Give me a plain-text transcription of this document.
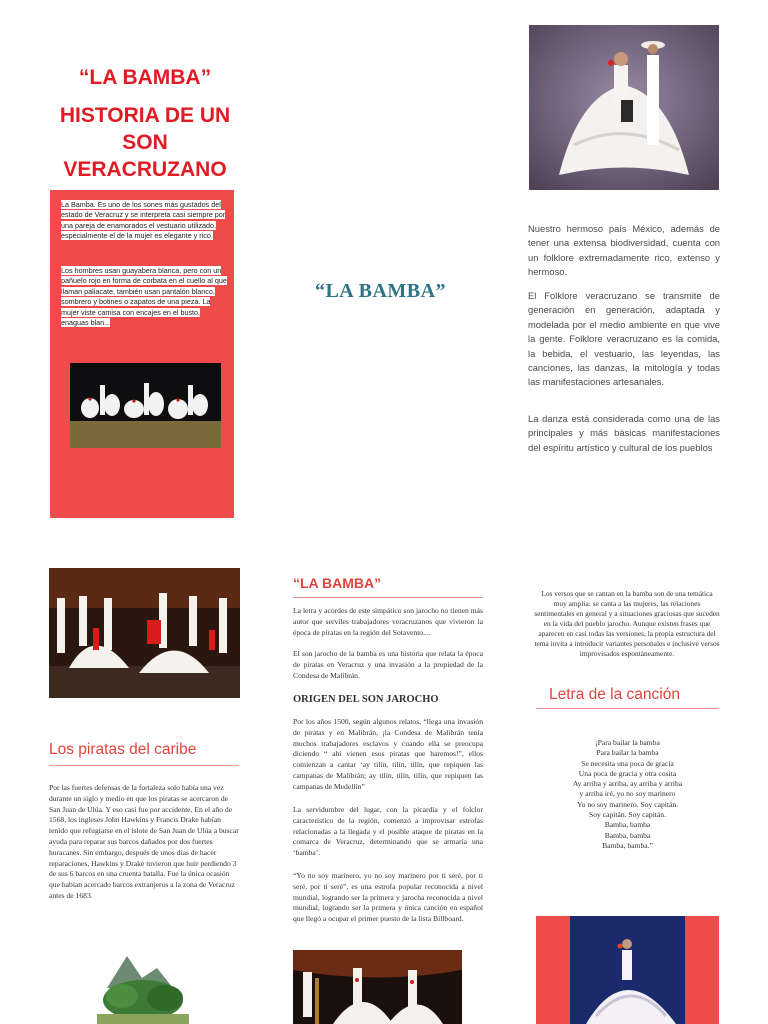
“LA BAMBA”
HISTORIA DE UN
SON
VERACRUZANO
La Bamba. Es uno de los sones más gustados del estado de Veracruz y se interpreta casi siempre por una pareja de enamorados el vestuario utilizado, especialmente el de la mujer es elegante y rico.
Los hombres usan guayabera blanca, pero con un pañuelo rojo en forma de corbata en el cuello al que llaman paliacate, también usan pantalón blanco, sombrero y botines o zapatos de una pieza. La mujer viste camisa con encajes en el busto, enaguas blan...
“LA BAMBA”
Nuestro hermoso país México, además de tener una extensa biodiversidad, cuenta con un folklore extremadamente rico, extenso y hermoso.
El Folklore veracruzano se transmite de generación en generación, adaptada y modelada por el medio ambiente en que vive la gente. Folklore veracruzano es la comida, la bebida, el vestuario, las leyendas, las canciones, las danzas, la mitología y todas las manifestaciones artesanales.
La danza está considerada como una de las principales y más básicas manifestaciones del espíritu artístico y cultural de los pueblos
Los piratas del caribe
Por las fuertes defensas de la fortaleza solo había una vez durante un siglo y medio en que los piratas se acercaron de San Juan de Ulúa. Y eso casi fue por accidente. En el año de 1568, los ingleses John Hawkins y Francis Drake habían tenido que refugiarse en el islote de San Juan de Ulúa a buscar ayuda para reparar sus barcos dañados por dos fuertes huracanes. Sin embargo, después de unos días de hacer reparaciones, Hawkins y Drake tuvieron que huir perdiendo 3 de sus 6 barcos en una cruenta batalla. Fue la única ocasión que habían acercado barcos extranjeros a la zona de Veracruz antes de 1683.
“LA BAMBA”
La letra y acordes de este simpático son jarocho no tienen más autor que servíles trabajadores veracruzanos que vivieron la época de piratas en la región del Sotavento....
El son jarocho de la bamba es una historia que relata la época de piratas en Veracruz y una invasión a la propiedad de la Condesa de Malibrán.
ORIGEN DEL SON JAROCHO
Por los años 1500, según algunos relatos, “llega una invasión de piratas y en Malibrán, ¡la Condesa de Malibrán tenía muchos trabajadores esclavos y cuando ella se preocupa diciendo “ ahí vienen esos piratas que haremos!”, ellos comienzan a cantar ‘ay tilín, tilín, tilín, que repiquen las campanas de Malibrán; ay tilín, tilín, tilín, que repiquen las campanas de Medellín”
La servidumbre del lugar, con la picardía y el folclor característico de la región, comenzó a improvisar estrofas relacionadas a la llegada y el posible ataque de piratas en la comarca de Veracruz, determinando que se armaría una ‘bamba’.
“Yo no soy marinero, yo no soy marinero por ti seré, por ti seré, por ti seré”, es una estrofa popular reconocida a nivel mundial, logrando ser la primera y jarocha reconocida a nivel mundial, logrando ser la primera y única canción en español que llegó a ocupar el primer puesto de la lista Billboard.
Los versos que se cantan en la bamba son de una temática muy amplia: se canta a las mujeres, las relaciones sentimentales en general y a situaciones graciosas que suceden en la vida del pueblo jarocho. Aunque existen frases que aparecen en casi todas las versiones, la propia estructura del tema invita a introducir variantes personales e inclusive versos improvisados espontáneamente.
Letra de la canción
¡Para bailar la bamba
Para bailar la bamba
Se necesita una poca de gracia
Una poca de gracia y otra cosita
Ay arriba y arriba, ay arriba y arriba
y arriba iré, yo no soy marinero
Yo no soy marinero. Soy capitán.
Soy capitán. Soy capitán.
Bamba, bamba
Bamba, bamba
Bamba, bamba.”
